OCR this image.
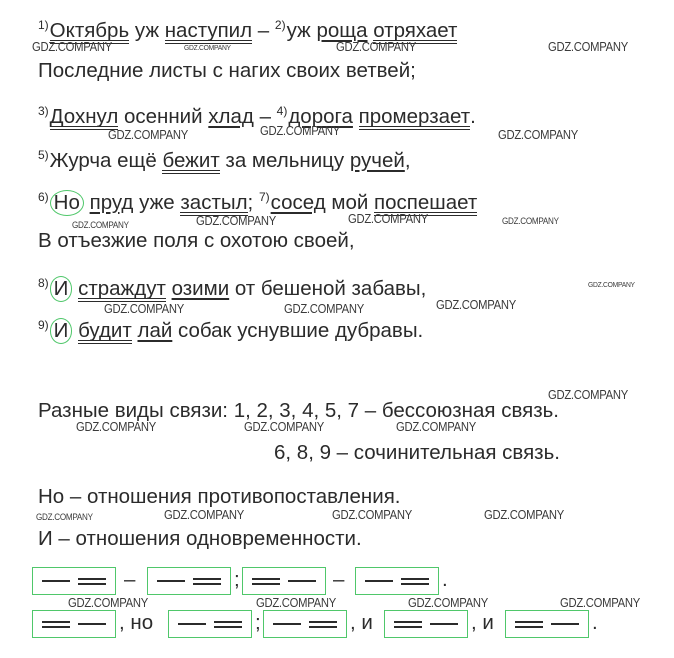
$^{1)}$Октябрь уж наступил – $^{2)}$уж роща отряхает
Последние листы с нагих своих ветвей;
$^{3)}$Дохнул осенний хлад – $^{4)}$дорога промерзает.
$^{5)}$Журча ещё бежит за мельницу ручей,
$^{6)}$ Но пруд уже застыл; $^{7)}$сосед мой поспешает
В отъезжие поля с охотою своей,
$^{8)}$ И страждут озими от бешеной забавы,
$^{9)}$ И будит лай собак уснувшие дубравы.
Разные виды связи: 1, 2, 3, 4, 5, 7 – бессоюзная связь.
6, 8, 9 – сочинительная связь.
Но – отношения противопоставления.
И – отношения одновременности.
–	;	–	.
, но	;	, и	, и	.
GDZ.COMPANY	GDZ.COMPANY	GDZ.COMPANY	GDZ.COMPANY
GDZ.COMPANY	GDZ.COMPANY	GDZ.COMPANY
GDZ.COMPANY	GDZ.COMPANY	GDZ.COMPANY	GDZ.COMPANY
GDZ.COMPANY
GDZ.COMPANY	GDZ.COMPANY	GDZ.COMPANY
GDZ.COMPANY
GDZ.COMPANY	GDZ.COMPANY	GDZ.COMPANY
GDZ.COMPANY	GDZ.COMPANY	GDZ.COMPANY	GDZ.COMPANY
GDZ.COMPANY	GDZ.COMPANY	GDZ.COMPANY	GDZ.COMPANY
